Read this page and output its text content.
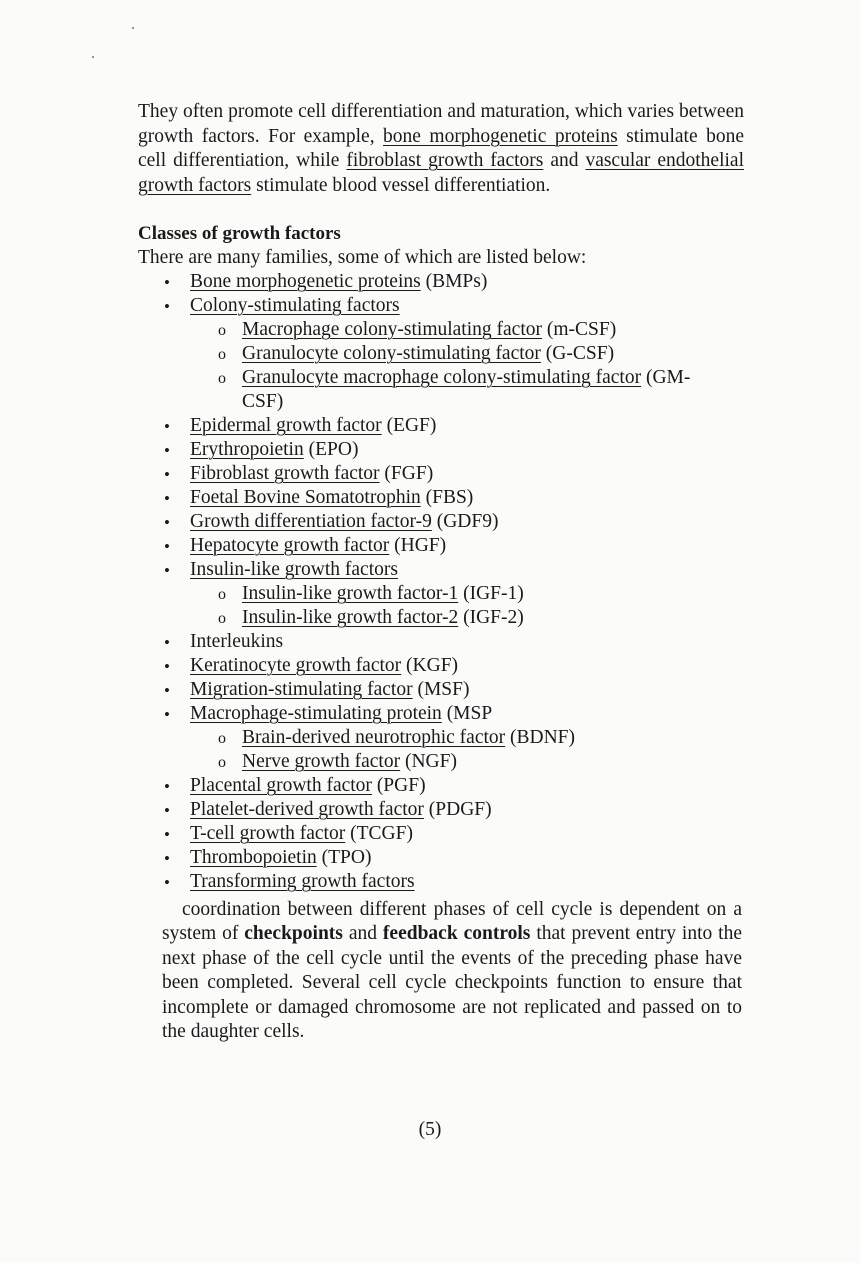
They often promote cell differentiation and maturation, which varies between growth factors. For example, bone morphogenetic proteins stimulate bone cell differentiation, while fibroblast growth factors and vascular endothelial growth factors stimulate blood vessel differentiation.

Classes of growth factors

There are many families, some of which are listed below:

• Bone morphogenetic proteins (BMPs)
• Colony-stimulating factors
o Macrophage colony-stimulating factor (m-CSF)
o Granulocyte colony-stimulating factor (G-CSF)
o Granulocyte macrophage colony-stimulating factor (GM-CSF)
• Epidermal growth factor (EGF)
• Erythropoietin (EPO)
• Fibroblast growth factor (FGF)
• Foetal Bovine Somatotrophin (FBS)
• Growth differentiation factor-9 (GDF9)
• Hepatocyte growth factor (HGF)
• Insulin-like growth factors
o Insulin-like growth factor-1 (IGF-1)
o Insulin-like growth factor-2 (IGF-2)
• Interleukins
• Keratinocyte growth factor (KGF)
• Migration-stimulating factor (MSF)
• Macrophage-stimulating protein (MSP
o Brain-derived neurotrophic factor (BDNF)
o Nerve growth factor (NGF)
• Placental growth factor (PGF)
• Platelet-derived growth factor (PDGF)
• T-cell growth factor (TCGF)
• Thrombopoietin (TPO)
• Transforming growth factors

coordination between different phases of cell cycle is dependent on a system of checkpoints and feedback controls that prevent entry into the next phase of the cell cycle until the events of the preceding phase have been completed. Several cell cycle checkpoints function to ensure that incomplete or damaged chromosome are not replicated and passed on to the daughter cells.

(5)
